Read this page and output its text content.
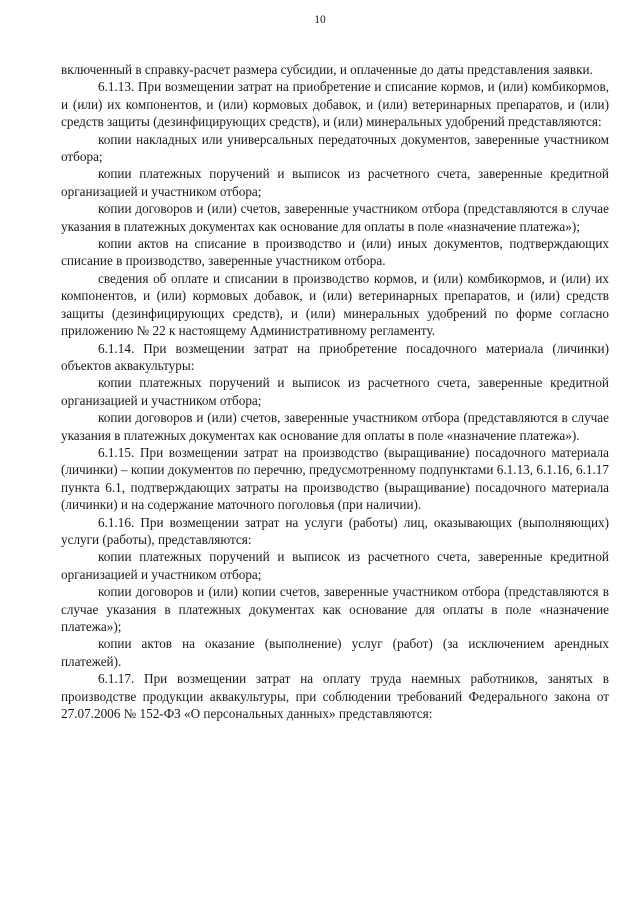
10

включенный в справку-расчет размера субсидии, и оплаченные до даты представления заявки.

6.1.13. При возмещении затрат на приобретение и списание кормов, и (или) комбикормов, и (или) их компонентов, и (или) кормовых добавок, и (или) ветеринарных препаратов, и (или) средств защиты (дезинфицирующих средств), и (или) минеральных удобрений представляются:

копии накладных или универсальных передаточных документов, заверенные участником отбора;

копии платежных поручений и выписок из расчетного счета, заверенные кредитной организацией и участником отбора;

копии договоров и (или) счетов, заверенные участником отбора (представляются в случае указания в платежных документах как основание для оплаты в поле «назначение платежа»);

копии актов на списание в производство и (или) иных документов, подтверждающих списание в производство, заверенные участником отбора.

сведения об оплате и списании в производство кормов, и (или) комбикормов, и (или) их компонентов, и (или) кормовых добавок, и (или) ветеринарных препаратов, и (или) средств защиты (дезинфицирующих средств), и (или) минеральных удобрений по форме согласно приложению № 22 к настоящему Административному регламенту.

6.1.14. При возмещении затрат на приобретение посадочного материала (личинки) объектов аквакультуры:

копии платежных поручений и выписок из расчетного счета, заверенные кредитной организацией и участником отбора;

копии договоров и (или) счетов, заверенные участником отбора (представляются в случае указания в платежных документах как основание для оплаты в поле «назначение платежа»).

6.1.15. При возмещении затрат на производство (выращивание) посадочного материала (личинки) – копии документов по перечню, предусмотренному подпунктами 6.1.13, 6.1.16, 6.1.17 пункта 6.1, подтверждающих затраты на производство (выращивание) посадочного материала (личинки) и на содержание маточного поголовья (при наличии).

6.1.16. При возмещении затрат на услуги (работы) лиц, оказывающих (выполняющих) услуги (работы), представляются:

копии платежных поручений и выписок из расчетного счета, заверенные кредитной организацией и участником отбора;

копии договоров и (или) копии счетов, заверенные участником отбора (представляются в случае указания в платежных документах как основание для оплаты в поле «назначение платежа»);

копии актов на оказание (выполнение) услуг (работ) (за исключением арендных платежей).

6.1.17. При возмещении затрат на оплату труда наемных работников, занятых в производстве продукции аквакультуры, при соблюдении требований Федерального закона от 27.07.2006 № 152-ФЗ «О персональных данных» представляются:
